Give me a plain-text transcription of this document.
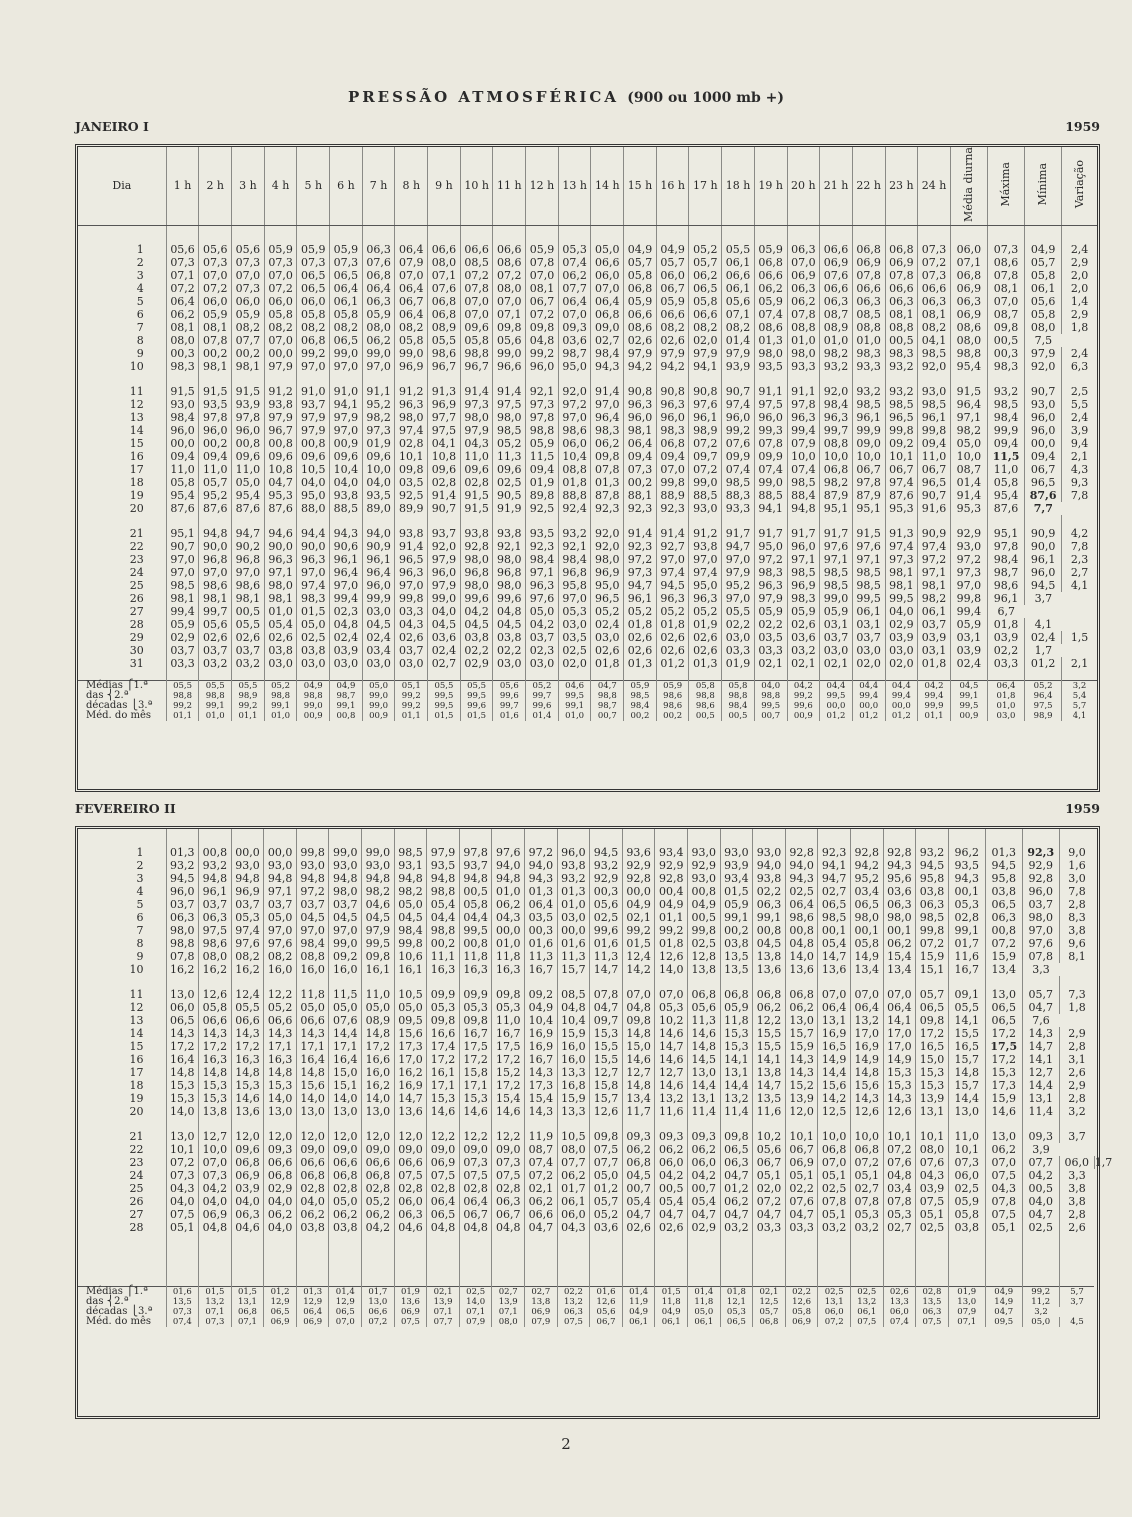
PRESSÃO ATMOSFÉRICA (900 ou 1000 mb +)
JANEIRO I	1959
Dia	1 h	2 h	3 h	4 h	5 h	6 h	7 h	8 h	9 h	10 h	11 h	12 h	13 h	14 h	15 h	16 h	17 h	18 h	19 h	20 h	21 h	22 h	23 h	24 h	Média diurna	Máxima	Mínima	Variação

1	05,6	05,6	05,6	05,9	05,9	05,9	06,3	06,4	06,6	06,6	06,6	05,9	05,3	05,0	04,9	04,9	05,2	05,5	05,9	06,3	06,6	06,8	06,8	07,3	06,0	07,3	04,9	2,4
2	07,3	07,3	07,3	07,3	07,3	07,3	07,6	07,9	08,0	08,5	08,6	07,8	07,4	06,6	05,7	05,7	05,7	06,1	06,8	07,0	06,9	06,9	06,9	07,2	07,1	08,6	05,7	2,9
3	07,1	07,0	07,0	07,0	06,5	06,5	06,8	07,0	07,1	07,2	07,2	07,0	06,2	06,0	05,8	06,0	06,2	06,6	06,6	06,9	07,6	07,8	07,8	07,3	06,8	07,8	05,8	2,0
4	07,2	07,2	07,3	07,2	06,5	06,4	06,4	06,4	07,6	07,8	08,0	08,1	07,7	07,0	06,8	06,7	06,5	06,1	06,2	06,3	06,6	06,6	06,6	06,6	06,9	08,1	06,1	2,0
5	06,4	06,0	06,0	06,0	06,0	06,1	06,3	06,7	06,8	07,0	07,0	06,7	06,4	06,4	05,9	05,9	05,8	05,6	05,9	06,2	06,3	06,3	06,3	06,3	06,3	07,0	05,6	1,4
6	06,2	05,9	05,9	05,8	05,8	05,8	05,9	06,4	06,8	07,0	07,1	07,2	07,0	06,8	06,6	06,6	06,6	07,1	07,4	07,8	08,7	08,5	08,1	08,1	06,9	08,7	05,8	2,9
7	08,1	08,1	08,2	08,2	08,2	08,2	08,0	08,2	08,9	09,6	09,8	09,8	09,3	09,0	08,6	08,2	08,2	08,2	08,6	08,8	08,9	08,8	08,8	08,2	08,6	09,8	08,0	1,8
8	08,0	07,8	07,7	07,0	06,8	06,5	06,2	05,8	05,5	05,8	05,6	04,8	03,6	02,7	02,6	02,6	02,0	01,4	01,3	01,0	01,0	01,0	00,5	04,1	08,0	00,5	7,5	
9	00,3	00,2	00,2	00,0	99,2	99,0	99,0	99,0	98,6	98,8	99,0	99,2	98,7	98,4	97,9	97,9	97,9	97,9	98,0	98,0	98,2	98,3	98,3	98,5	98,8	00,3	97,9	2,4
10	98,3	98,1	98,1	97,9	97,0	97,0	97,0	96,9	96,7	96,7	96,6	96,0	95,0	94,3	94,2	94,2	94,1	93,9	93,5	93,3	93,2	93,3	93,2	92,0	95,4	98,3	92,0	6,3

11	91,5	91,5	91,5	91,2	91,0	91,0	91,1	91,2	91,3	91,4	91,4	92,1	92,0	91,4	90,8	90,8	90,8	90,7	91,1	91,1	92,0	93,2	93,2	93,0	91,5	93,2	90,7	2,5
12	93,0	93,5	93,9	93,8	93,7	94,1	95,2	96,3	96,9	97,3	97,5	97,3	97,2	97,0	96,3	96,3	97,6	97,4	97,5	97,8	98,4	98,5	98,5	98,5	96,4	98,5	93,0	5,5
13	98,4	97,8	97,8	97,9	97,9	97,9	98,2	98,0	97,7	98,0	98,0	97,8	97,0	96,4	96,0	96,0	96,1	96,0	96,0	96,3	96,3	96,1	96,5	96,1	97,1	98,4	96,0	2,4
14	96,0	96,0	96,0	96,7	97,9	97,0	97,3	97,4	97,5	97,9	98,5	98,8	98,6	98,3	98,1	98,3	98,9	99,2	99,3	99,4	99,7	99,9	99,8	99,8	98,2	99,9	96,0	3,9
15	00,0	00,2	00,8	00,8	00,8	00,9	01,9	02,8	04,1	04,3	05,2	05,9	06,0	06,2	06,4	06,8	07,2	07,6	07,8	07,9	08,8	09,0	09,2	09,4	05,0	09,4	00,0	9,4
16	09,4	09,4	09,6	09,6	09,6	09,6	09,6	10,1	10,8	11,0	11,3	11,5	10,4	09,8	09,4	09,4	09,7	09,9	09,9	10,0	10,0	10,0	10,1	11,0	10,0	11,5	09,4	2,1
17	11,0	11,0	11,0	10,8	10,5	10,4	10,0	09,8	09,6	09,6	09,6	09,4	08,8	07,8	07,3	07,0	07,2	07,4	07,4	07,4	06,8	06,7	06,7	06,7	08,7	11,0	06,7	4,3
18	05,8	05,7	05,0	04,7	04,0	04,0	04,0	03,5	02,8	02,8	02,5	01,9	01,8	01,3	00,2	99,8	99,0	98,5	99,0	98,5	98,2	97,8	97,4	96,5	01,4	05,8	96,5	9,3
19	95,4	95,2	95,4	95,3	95,0	93,8	93,5	92,5	91,4	91,5	90,5	89,8	88,8	87,8	88,1	88,9	88,5	88,3	88,5	88,4	87,9	87,9	87,6	90,7	91,4	95,4	87,6	7,8
20	87,6	87,6	87,6	87,6	88,0	88,5	89,0	89,9	90,7	91,5	91,9	92,5	92,4	92,3	92,3	92,3	93,0	93,3	94,1	94,8	95,1	95,1	95,3	91,6	95,3	87,6	7,7	

21	95,1	94,8	94,7	94,6	94,4	94,3	94,0	93,8	93,7	93,8	93,8	93,5	93,2	92,0	91,4	91,4	91,2	91,7	91,7	91,7	91,7	91,5	91,3	90,9	92,9	95,1	90,9	4,2
22	90,7	90,0	90,2	90,0	90,0	90,6	90,9	91,4	92,0	92,8	92,1	92,3	92,1	92,0	92,3	92,7	93,8	94,7	95,0	96,0	97,6	97,6	97,4	97,4	93,0	97,8	90,0	7,8
23	97,0	96,8	96,8	96,3	96,3	96,1	96,1	96,5	97,9	98,0	98,0	98,4	98,4	98,0	97,2	97,0	97,0	97,0	97,2	97,1	97,1	97,1	97,3	97,2	97,2	98,4	96,1	2,3
24	97,0	97,0	97,0	97,1	97,0	96,4	96,4	96,3	96,0	96,8	96,8	97,1	96,8	96,9	97,3	97,4	97,4	97,9	98,3	98,5	98,5	98,5	98,1	97,1	97,3	98,7	96,0	2,7
25	98,5	98,6	98,6	98,0	97,4	97,0	96,0	97,0	97,9	98,0	98,0	96,3	95,8	95,0	94,7	94,5	95,0	95,2	96,3	96,9	98,5	98,5	98,1	98,1	97,0	98,6	94,5	4,1
26	98,1	98,1	98,1	98,1	98,3	99,4	99,9	99,8	99,0	99,6	99,6	97,6	97,0	96,5	96,1	96,3	96,3	97,0	97,9	98,3	99,0	99,5	99,5	98,2	99,8	96,1	3,7	
27	99,4	99,7	00,5	01,0	01,5	02,3	03,0	03,3	04,0	04,2	04,8	05,0	05,3	05,2	05,2	05,2	05,2	05,5	05,9	05,9	05,9	06,1	04,0	06,1	99,4	6,7		
28	05,9	05,6	05,5	05,4	05,0	04,8	04,5	04,3	04,5	04,5	04,5	04,2	03,0	02,4	01,8	01,8	01,9	02,2	02,2	02,6	03,1	03,1	02,9	03,7	05,9	01,8	4,1	
29	02,9	02,6	02,6	02,6	02,5	02,4	02,4	02,6	03,6	03,8	03,8	03,7	03,5	03,0	02,6	02,6	02,6	03,0	03,5	03,6	03,7	03,7	03,9	03,9	03,1	03,9	02,4	1,5
30	03,7	03,7	03,7	03,8	03,8	03,9	03,4	03,7	02,4	02,2	02,2	02,3	02,5	02,6	02,6	02,6	02,6	03,3	03,3	03,2	03,0	03,0	03,0	03,1	03,9	02,2	1,7	
31	03,3	03,2	03,2	03,0	03,0	03,0	03,0	03,0	02,7	02,9	03,0	03,0	02,0	01,8	01,3	01,2	01,3	01,9	02,1	02,1	02,1	02,0	02,0	01,8	02,4	03,3	01,2	2,1

Médias ⎧1.ª	05,5	05,5	05,5	05,2	04,9	04,9	05,0	05,1	05,5	05,5	05,6	05,2	04,6	04,7	05,9	05,9	05,8	05,8	04,0	04,2	04,4	04,4	04,4	04,2	04,5	06,4	05,2	3,2
das ⎨2.ª	98,8	98,8	98,9	98,8	98,8	98,7	99,0	99,2	99,5	99,5	99,6	99,7	99,5	98,8	98,5	98,6	98,8	98,8	98,8	99,2	99,5	99,4	99,4	99,4	99,1	01,8	96,4	5,4
décadas ⎩3.ª	99,2	99,1	99,2	99,1	99,0	99,1	99,0	99,2	99,5	99,6	99,7	99,6	99,1	98,7	98,4	98,6	98,6	98,4	99,5	99,6	00,0	00,0	00,0	99,9	99,5	01,0	97,5	5,7
Méd. do mês	01,1	01,0	01,1	01,0	00,9	00,8	00,9	01,1	01,5	01,5	01,6	01,4	01,0	00,7	00,2	00,2	00,5	00,5	00,7	00,9	01,2	01,2	01,2	01,1	00,9	03,0	98,9	4,1
FEVEREIRO II	1959

1	01,3	00,8	00,0	00,0	99,8	99,0	99,0	98,5	97,9	97,8	97,6	97,2	96,0	94,5	93,6	93,4	93,0	93,0	93,0	92,8	92,3	92,8	92,8	93,2	96,2	01,3	92,3	9,0	
2	93,2	93,2	93,0	93,0	93,0	93,0	93,0	93,1	93,5	93,7	94,0	94,0	93,8	93,2	92,9	92,9	92,9	93,9	94,0	94,0	94,1	94,2	94,3	94,5	93,5	94,5	92,9	1,6	
3	94,5	94,8	94,8	94,8	94,8	94,8	94,8	94,8	94,8	94,8	94,8	94,3	93,2	92,9	92,8	92,8	93,0	93,4	93,8	94,3	94,7	95,2	95,6	95,8	94,3	95,8	92,8	3,0	
4	96,0	96,1	96,9	97,1	97,2	98,0	98,2	98,2	98,8	00,5	01,0	01,3	01,3	00,3	00,0	00,4	00,8	01,5	02,2	02,5	02,7	03,4	03,6	03,8	00,1	03,8	96,0	7,8	
5	03,7	03,7	03,7	03,7	03,7	03,7	04,6	05,0	05,4	05,8	06,2	06,4	01,0	05,6	04,9	04,9	04,9	05,9	06,3	06,4	06,5	06,5	06,3	06,3	05,3	06,5	03,7	2,8	
6	06,3	06,3	05,3	05,0	04,5	04,5	04,5	04,5	04,4	04,4	04,3	03,5	03,0	02,5	02,1	01,1	00,5	99,1	99,1	98,6	98,5	98,0	98,0	98,5	02,8	06,3	98,0	8,3	
7	98,0	97,5	97,4	97,0	97,0	97,0	97,9	98,4	98,8	99,5	00,0	00,3	00,0	99,6	99,2	99,2	99,8	00,2	00,8	00,8	00,1	00,1	00,1	99,8	99,1	00,8	97,0	3,8	
8	98,8	98,6	97,6	97,6	98,4	99,0	99,5	99,8	00,2	00,8	01,0	01,6	01,6	01,6	01,5	01,8	02,5	03,8	04,5	04,8	05,4	05,8	06,2	07,2	01,7	07,2	97,6	9,6	
9	07,8	08,0	08,2	08,2	08,8	09,2	09,8	10,6	11,1	11,8	11,8	11,3	11,3	11,3	12,4	12,6	12,8	13,5	13,8	14,0	14,7	14,9	15,4	15,9	11,6	15,9	07,8	8,1	
10	16,2	16,2	16,2	16,0	16,0	16,0	16,1	16,1	16,3	16,3	16,3	16,7	15,7	14,7	14,2	14,0	13,8	13,5	13,6	13,6	13,6	13,4	13,4	15,1	16,7	13,4	3,3		

11	13,0	12,6	12,4	12,2	11,8	11,5	11,0	10,5	09,9	09,9	09,8	09,2	08,5	07,8	07,0	07,0	06,8	06,8	06,8	06,8	07,0	07,0	07,0	05,7	09,1	13,0	05,7	7,3	
12	06,0	05,8	05,5	05,2	05,0	05,0	05,0	05,0	05,3	05,3	05,3	04,9	04,8	04,7	04,8	05,3	05,6	05,9	06,2	06,2	06,4	06,4	06,4	06,5	05,5	06,5	04,7	1,8	
13	06,5	06,6	06,6	06,6	06,6	07,6	08,9	09,5	09,8	09,8	11,0	10,4	10,4	09,7	09,8	10,2	11,3	11,8	12,2	13,0	13,1	13,2	14,1	09,8	14,1	06,5	7,6		
14	14,3	14,3	14,3	14,3	14,3	14,4	14,8	15,6	16,6	16,7	16,7	16,9	15,9	15,3	14,8	14,6	14,6	15,3	15,5	15,7	16,9	17,0	17,0	17,2	15,5	17,2	14,3	2,9	
15	17,2	17,2	17,2	17,1	17,1	17,1	17,2	17,3	17,4	17,5	17,5	16,9	16,0	15,5	15,0	14,7	14,8	15,3	15,5	15,9	16,5	16,9	17,0	16,5	16,5	17,5	14,7	2,8	
16	16,4	16,3	16,3	16,3	16,4	16,4	16,6	17,0	17,2	17,2	17,2	16,7	16,0	15,5	14,6	14,6	14,5	14,1	14,1	14,3	14,9	14,9	14,9	15,0	15,7	17,2	14,1	3,1	
17	14,8	14,8	14,8	14,8	14,8	15,0	16,0	16,2	16,1	15,8	15,2	14,3	13,3	12,7	12,7	12,7	13,0	13,1	13,8	14,3	14,4	14,8	15,3	15,3	14,8	15,3	12,7	2,6	
18	15,3	15,3	15,3	15,3	15,6	15,1	16,2	16,9	17,1	17,1	17,2	17,3	16,8	15,8	14,8	14,6	14,4	14,4	14,7	15,2	15,6	15,6	15,3	15,3	15,7	17,3	14,4	2,9	
19	15,3	15,3	14,6	14,0	14,0	14,0	14,0	14,7	15,3	15,3	15,4	15,4	15,9	15,7	13,4	13,2	13,1	13,2	13,5	13,9	14,2	14,3	14,3	13,9	14,4	15,9	13,1	2,8	
20	14,0	13,8	13,6	13,0	13,0	13,0	13,0	13,6	14,6	14,6	14,6	14,3	13,3	12,6	11,7	11,6	11,4	11,4	11,6	12,0	12,5	12,6	12,6	13,1	13,0	14,6	11,4	3,2	

21	13,0	12,7	12,0	12,0	12,0	12,0	12,0	12,0	12,2	12,2	12,2	11,9	10,5	09,8	09,3	09,3	09,3	09,8	10,2	10,1	10,0	10,0	10,1	10,1	11,0	13,0	09,3	3,7	
22	10,1	10,0	09,6	09,3	09,0	09,0	09,0	09,0	09,0	09,0	09,0	08,7	08,0	07,5	06,2	06,2	06,2	06,5	05,6	06,7	06,8	06,8	07,2	08,0	10,1	06,2	3,9		
23	07,2	07,0	06,8	06,6	06,6	06,6	06,6	06,6	06,9	07,3	07,3	07,4	07,7	07,7	06,8	06,0	06,0	06,3	06,7	06,9	07,0	07,2	07,6	07,6	07,3	07,0	07,7	06,0	1,7
24	07,3	07,3	06,9	06,8	06,8	06,8	06,8	07,5	07,5	07,5	07,5	07,2	06,2	05,0	04,5	04,2	04,2	04,7	05,1	05,1	05,1	05,1	04,8	04,3	06,0	07,5	04,2	3,3	
25	04,3	04,2	03,9	02,9	02,8	02,8	02,8	02,8	02,8	02,8	02,8	02,1	01,7	01,2	00,7	00,5	00,7	01,2	02,0	02,2	02,5	02,7	03,4	03,9	02,5	04,3	00,5	3,8	
26	04,0	04,0	04,0	04,0	04,0	05,0	05,2	06,0	06,4	06,4	06,3	06,2	06,1	05,7	05,4	05,4	05,4	06,2	07,2	07,6	07,8	07,8	07,8	07,5	05,9	07,8	04,0	3,8	
27	07,5	06,9	06,3	06,2	06,2	06,2	06,2	06,3	06,5	06,7	06,7	06,6	06,0	05,2	04,7	04,7	04,7	04,7	04,7	04,7	05,1	05,3	05,3	05,1	05,8	07,5	04,7	2,8	
28	05,1	04,8	04,6	04,0	03,8	03,8	04,2	04,6	04,8	04,8	04,8	04,7	04,3	03,6	02,6	02,6	02,9	03,2	03,3	03,3	03,2	03,2	02,7	02,5	03,8	05,1	02,5	2,6	

Médias ⎧1.ª	01,6	01,5	01,5	01,2	01,3	01,4	01,7	01,9	02,1	02,5	02,7	02,7	02,2	01,6	01,4	01,5	01,4	01,8	02,1	02,2	02,5	02,5	02,6	02,8	01,9	04,9	99,2	5,7	
das ⎨2.ª	13,5	13,2	13,1	12,9	12,9	12,9	13,0	13,6	13,9	14,0	13,9	13,8	13,2	12,6	11,9	11,8	11,8	12,1	12,5	12,6	13,1	13,2	13,3	13,5	13,0	14,9	11,2	3,7	
décadas ⎩3.ª	07,3	07,1	06,8	06,5	06,4	06,5	06,6	06,9	07,1	07,1	07,1	06,9	06,3	05,6	04,9	04,9	05,0	05,3	05,7	05,8	06,0	06,1	06,0	06,3	07,9	04,7	3,2		
Méd. do mês	07,4	07,3	07,1	06,9	06,9	07,0	07,2	07,5	07,7	07,9	08,0	07,9	07,5	06,7	06,1	06,1	06,1	06,5	06,8	06,9	07,2	07,5	07,4	07,5	07,1	09,5	05,0	4,5	
2
